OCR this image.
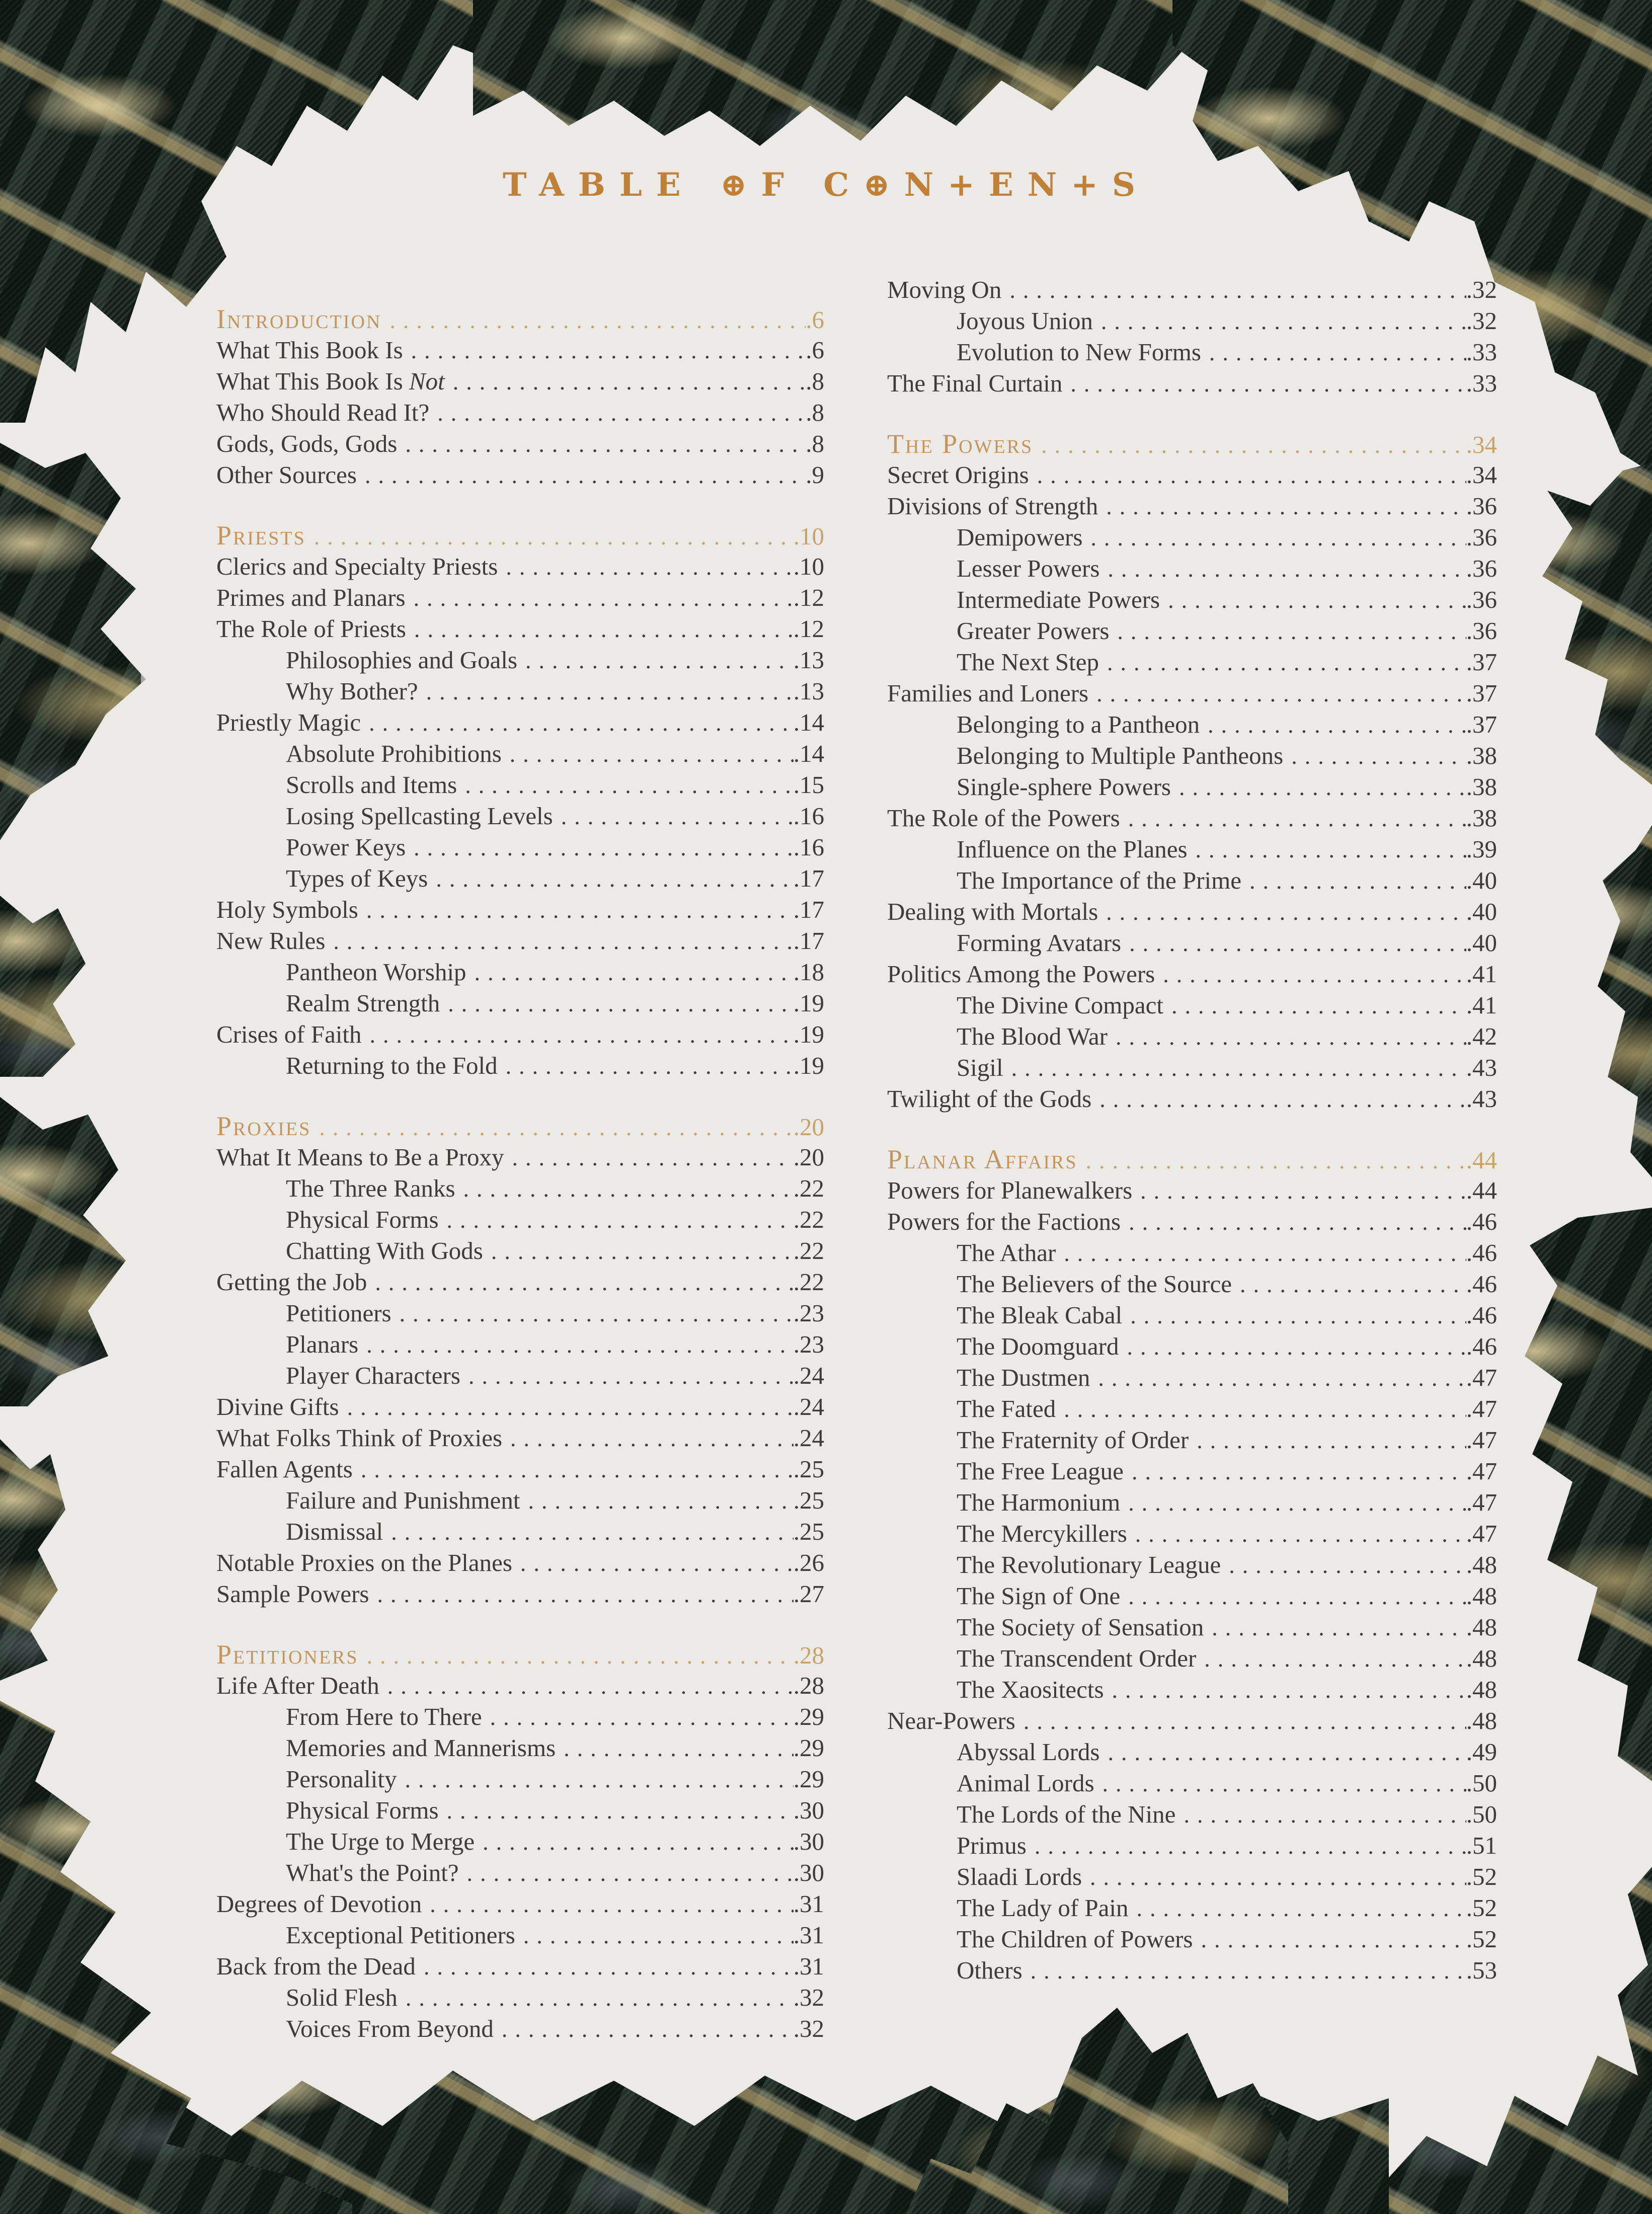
TABLE ⊕F C⊕N+EN+S
Introduction .....	.6
What This Book Is .....	.6
What This Book Is Not .....	.8
Who Should Read It? .....	.8
Gods, Gods, Gods .....	.8
Other Sources .....	.9
Priests .....	.10
Clerics and Specialty Priests .....	.10
Primes and Planars .....	.12
The Role of Priests .....	.12
Philosophies and Goals .....	.13
Why Bother? .....	.13
Priestly Magic .....	.14
Absolute Prohibitions .....	.14
Scrolls and Items .....	.15
Losing Spellcasting Levels .....	.16
Power Keys .....	.16
Types of Keys .....	.17
Holy Symbols .....	.17
New Rules .....	.17
Pantheon Worship .....	.18
Realm Strength .....	.19
Crises of Faith .....	.19
Returning to the Fold .....	.19
Proxies .....	.20
What It Means to Be a Proxy .....	.20
The Three Ranks .....	.22
Physical Forms .....	.22
Chatting With Gods .....	.22
Getting the Job .....	.22
Petitioners .....	.23
Planars .....	.23
Player Characters .....	.24
Divine Gifts .....	.24
What Folks Think of Proxies .....	.24
Fallen Agents .....	.25
Failure and Punishment .....	.25
Dismissal .....	.25
Notable Proxies on the Planes .....	.26
Sample Powers .....	.27
Petitioners .....	.28
Life After Death .....	.28
From Here to There .....	.29
Memories and Mannerisms .....	.29
Personality .....	.29
Physical Forms .....	.30
The Urge to Merge .....	.30
What's the Point? .....	.30
Degrees of Devotion .....	.31
Exceptional Petitioners .....	.31
Back from the Dead .....	.31
Solid Flesh .....	.32
Voices From Beyond .....	.32
Moving On .....	.32
Joyous Union .....	.32
Evolution to New Forms .....	.33
The Final Curtain .....	.33
The Powers .....	.34
Secret Origins .....	.34
Divisions of Strength .....	.36
Demipowers .....	.36
Lesser Powers .....	.36
Intermediate Powers .....	.36
Greater Powers .....	.36
The Next Step .....	.37
Families and Loners .....	.37
Belonging to a Pantheon .....	.37
Belonging to Multiple Pantheons .....	.38
Single-sphere Powers .....	.38
The Role of the Powers .....	.38
Influence on the Planes .....	.39
The Importance of the Prime .....	.40
Dealing with Mortals .....	.40
Forming Avatars .....	.40
Politics Among the Powers .....	.41
The Divine Compact .....	.41
The Blood War .....	.42
Sigil .....	.43
Twilight of the Gods .....	.43
Planar Affairs .....	.44
Powers for Planewalkers .....	.44
Powers for the Factions .....	.46
The Athar .....	.46
The Believers of the Source .....	.46
The Bleak Cabal .....	.46
The Doomguard .....	.46
The Dustmen .....	.47
The Fated .....	.47
The Fraternity of Order .....	.47
The Free League .....	.47
The Harmonium .....	.47
The Mercykillers .....	.47
The Revolutionary League .....	.48
The Sign of One .....	.48
The Society of Sensation .....	.48
The Transcendent Order .....	.48
The Xaositects .....	.48
Near-Powers .....	.48
Abyssal Lords .....	.49
Animal Lords .....	.50
The Lords of the Nine .....	.50
Primus .....	.51
Slaadi Lords .....	.52
The Lady of Pain .....	.52
The Children of Powers .....	.52
Others .....	.53
